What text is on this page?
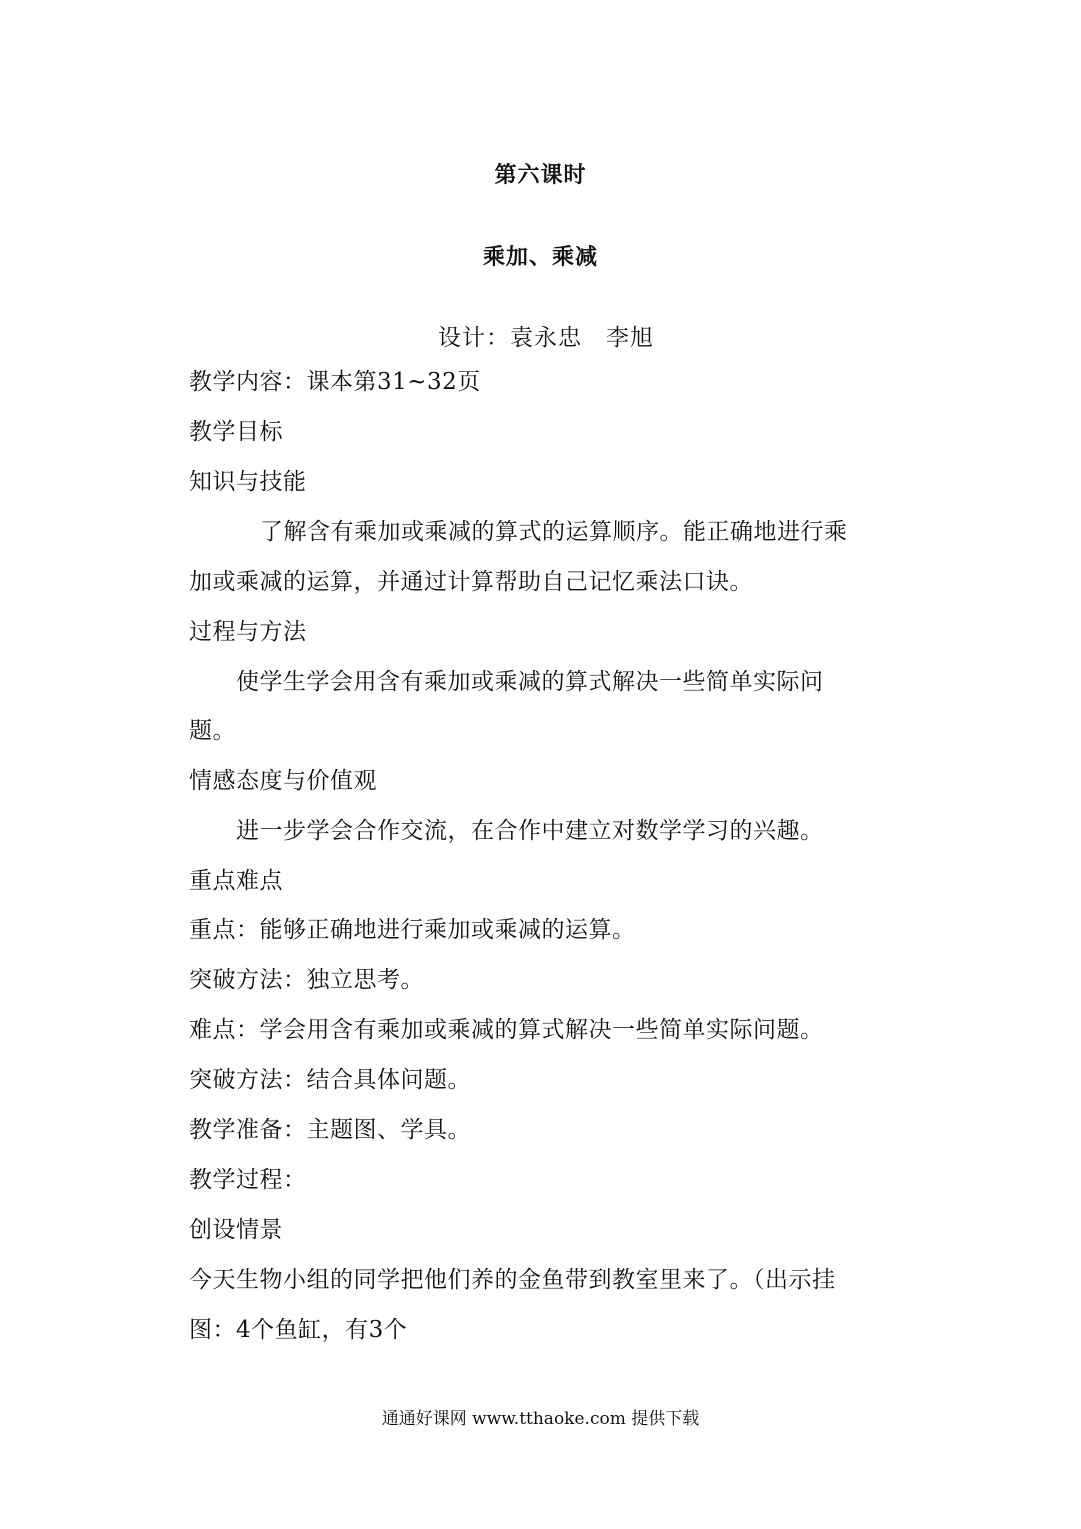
第六课时
乘加、乘减
设计：袁永忠　李旭
教学内容：课本第31~32页
教学目标
知识与技能
　　了解含有乘加或乘减的算式的运算顺序。能正确地进行乘
加或乘减的运算，并通过计算帮助自己记忆乘法口诀。
过程与方法
　　使学生学会用含有乘加或乘减的算式解决一些简单实际问
题。
情感态度与价值观
　　进一步学会合作交流，在合作中建立对数学学习的兴趣。
重点难点
重点：能够正确地进行乘加或乘减的运算。
突破方法：独立思考。
难点：学会用含有乘加或乘减的算式解决一些简单实际问题。
突破方法：结合具体问题。
教学准备：主题图、学具。
教学过程：
创设情景
今天生物小组的同学把他们养的金鱼带到教室里来了。（出示挂
图：4个鱼缸，有3个
通通好课网 www.tthaoke.com 提供下载
